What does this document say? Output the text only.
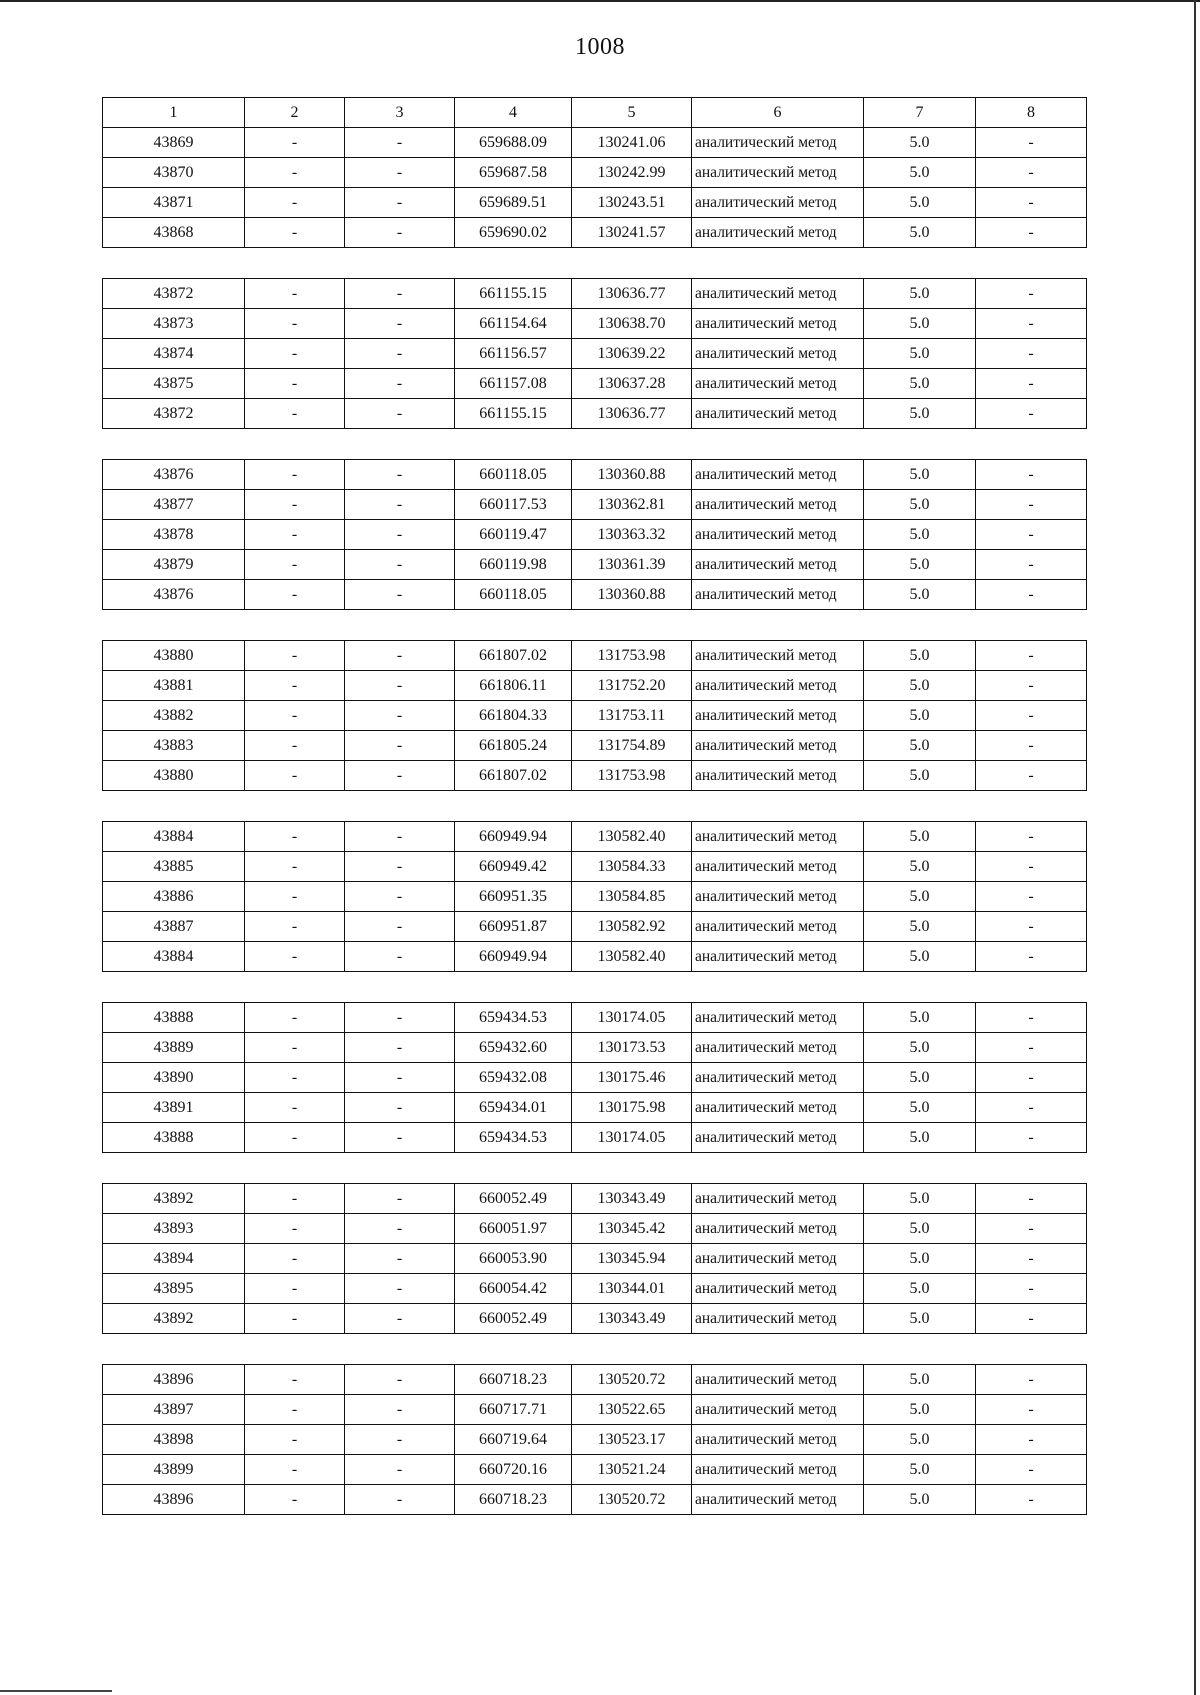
1008
1	2	3	4	5	6	7	8
43869	-	-	659688.09	130241.06	аналитический метод	5.0	-
43870	-	-	659687.58	130242.99	аналитический метод	5.0	-
43871	-	-	659689.51	130243.51	аналитический метод	5.0	-
43868	-	-	659690.02	130241.57	аналитический метод	5.0	-
43872	-	-	661155.15	130636.77	аналитический метод	5.0	-
43873	-	-	661154.64	130638.70	аналитический метод	5.0	-
43874	-	-	661156.57	130639.22	аналитический метод	5.0	-
43875	-	-	661157.08	130637.28	аналитический метод	5.0	-
43872	-	-	661155.15	130636.77	аналитический метод	5.0	-
43876	-	-	660118.05	130360.88	аналитический метод	5.0	-
43877	-	-	660117.53	130362.81	аналитический метод	5.0	-
43878	-	-	660119.47	130363.32	аналитический метод	5.0	-
43879	-	-	660119.98	130361.39	аналитический метод	5.0	-
43876	-	-	660118.05	130360.88	аналитический метод	5.0	-
43880	-	-	661807.02	131753.98	аналитический метод	5.0	-
43881	-	-	661806.11	131752.20	аналитический метод	5.0	-
43882	-	-	661804.33	131753.11	аналитический метод	5.0	-
43883	-	-	661805.24	131754.89	аналитический метод	5.0	-
43880	-	-	661807.02	131753.98	аналитический метод	5.0	-
43884	-	-	660949.94	130582.40	аналитический метод	5.0	-
43885	-	-	660949.42	130584.33	аналитический метод	5.0	-
43886	-	-	660951.35	130584.85	аналитический метод	5.0	-
43887	-	-	660951.87	130582.92	аналитический метод	5.0	-
43884	-	-	660949.94	130582.40	аналитический метод	5.0	-
43888	-	-	659434.53	130174.05	аналитический метод	5.0	-
43889	-	-	659432.60	130173.53	аналитический метод	5.0	-
43890	-	-	659432.08	130175.46	аналитический метод	5.0	-
43891	-	-	659434.01	130175.98	аналитический метод	5.0	-
43888	-	-	659434.53	130174.05	аналитический метод	5.0	-
43892	-	-	660052.49	130343.49	аналитический метод	5.0	-
43893	-	-	660051.97	130345.42	аналитический метод	5.0	-
43894	-	-	660053.90	130345.94	аналитический метод	5.0	-
43895	-	-	660054.42	130344.01	аналитический метод	5.0	-
43892	-	-	660052.49	130343.49	аналитический метод	5.0	-
43896	-	-	660718.23	130520.72	аналитический метод	5.0	-
43897	-	-	660717.71	130522.65	аналитический метод	5.0	-
43898	-	-	660719.64	130523.17	аналитический метод	5.0	-
43899	-	-	660720.16	130521.24	аналитический метод	5.0	-
43896	-	-	660718.23	130520.72	аналитический метод	5.0	-
